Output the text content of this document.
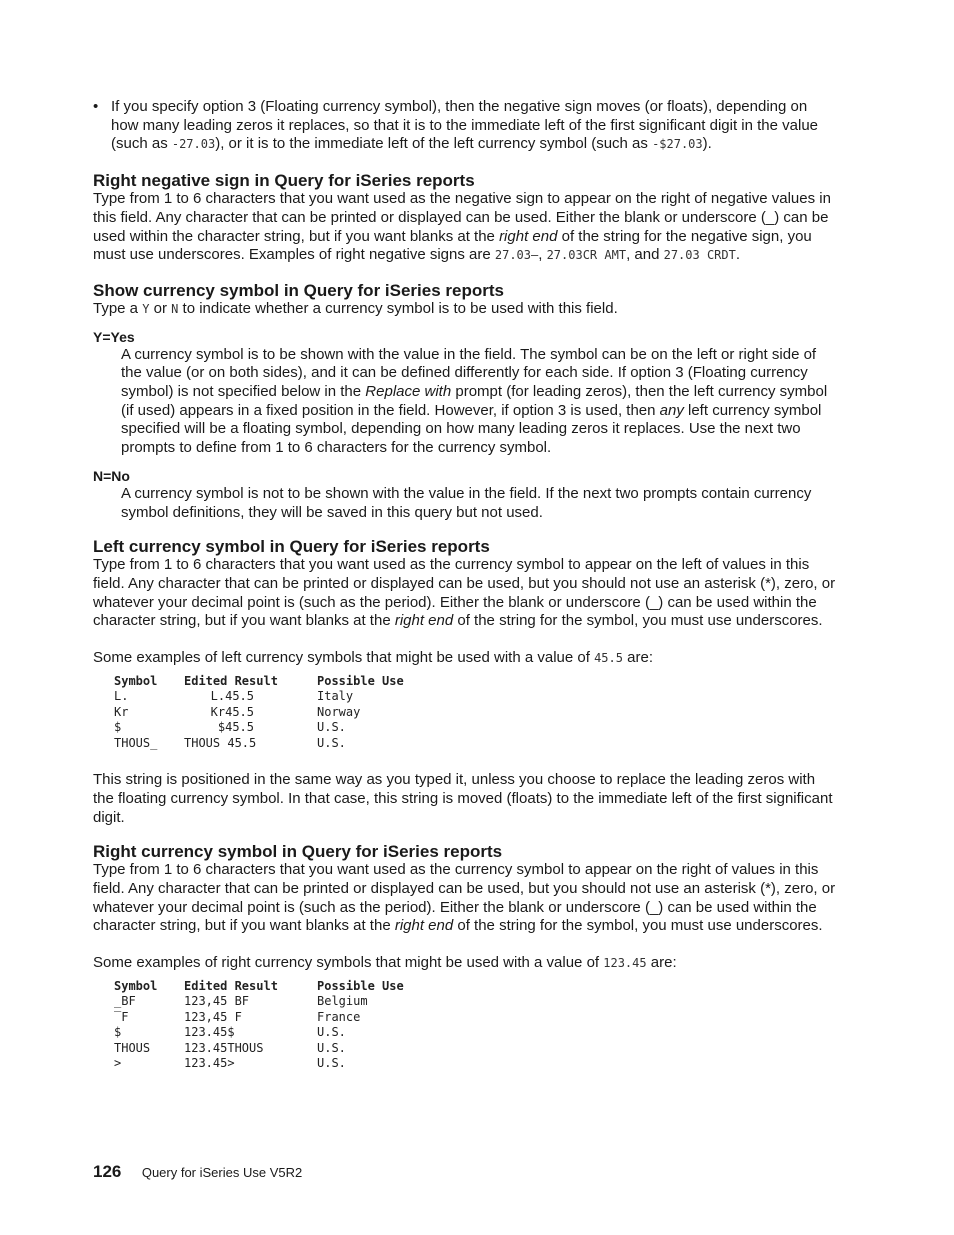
• If you specify option 3 (Floating currency symbol), then the negative sign moves (or floats), depending on how many leading zeros it replaces, so that it is to the immediate left of the first significant digit in the value (such as -27.03), or it is to the immediate left of the left currency symbol (such as -$27.03).

Right negative sign in Query for iSeries reports

Type from 1 to 6 characters that you want used as the negative sign to appear on the right of negative values in this field. Any character that can be printed or displayed can be used. Either the blank or underscore (_) can be used within the character string, but if you want blanks at the right end of the string for the negative sign, you must use underscores. Examples of right negative signs are 27.03–, 27.03CR AMT, and 27.03 CRDT.

Show currency symbol in Query for iSeries reports

Type a Y or N to indicate whether a currency symbol is to be used with this field.

Y=Yes

A currency symbol is to be shown with the value in the field. The symbol can be on the left or right side of the value (or on both sides), and it can be defined differently for each side. If option 3 (Floating currency symbol) is not specified below in the Replace with prompt (for leading zeros), then the left currency symbol (if used) appears in a fixed position in the field. However, if option 3 is used, then any left currency symbol specified will be a floating symbol, depending on how many leading zeros it replaces. Use the next two prompts to define from 1 to 6 characters for the currency symbol.

N=No

A currency symbol is not to be shown with the value in the field. If the next two prompts contain currency symbol definitions, they will be saved in this query but not used.

Left currency symbol in Query for iSeries reports

Type from 1 to 6 characters that you want used as the currency symbol to appear on the left of values in this field. Any character that can be printed or displayed can be used, but you should not use an asterisk (*), zero, or whatever your decimal point is (such as the period). Either the blank or underscore (_) can be used within the character string, but if you want blanks at the right end of the string for the symbol, you must use underscores.

Some examples of left currency symbols that might be used with a value of 45.5 are:

Symbol	Edited Result	Possible Use
L.	L.45.5	Italy
Kr	Kr45.5	Norway
$	$45.5	U.S.
THOUS_	THOUS 45.5	U.S.

This string is positioned in the same way as you typed it, unless you choose to replace the leading zeros with the floating currency symbol. In that case, this string is moved (floats) to the immediate left of the first significant digit.

Right currency symbol in Query for iSeries reports

Type from 1 to 6 characters that you want used as the currency symbol to appear on the right of values in this field. Any character that can be printed or displayed can be used, but you should not use an asterisk (*), zero, or whatever your decimal point is (such as the period). Either the blank or underscore (_) can be used within the character string, but if you want blanks at the right end of the string for the symbol, you must use underscores.

Some examples of right currency symbols that might be used with a value of 123.45 are:

Symbol	Edited Result	Possible Use
_BF	123,45 BF	Belgium
‾F	123,45 F	France
$	123.45$	U.S.
THOUS	123.45THOUS	U.S.
>	123.45>	U.S.
126 Query for iSeries Use V5R2
